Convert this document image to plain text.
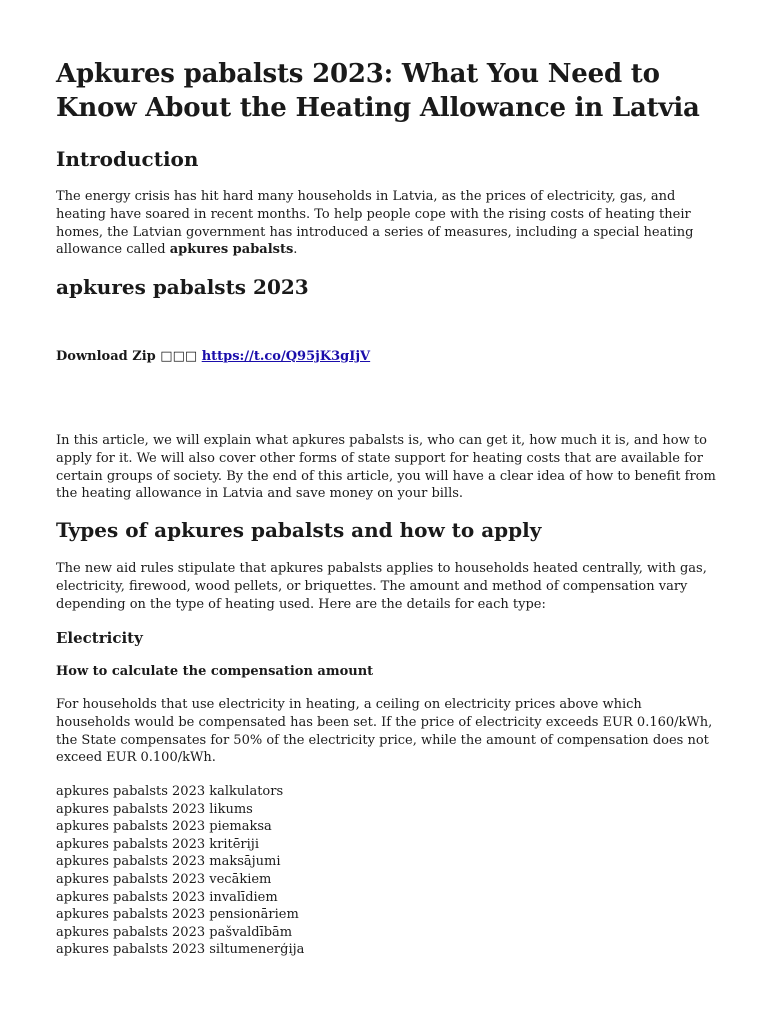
Apkures pabalsts 2023: What You Need to Know About the Heating Allowance in Latvia
Introduction

The energy crisis has hit hard many households in Latvia, as the prices of electricity, gas, and heating have soared in recent months. To help people cope with the rising costs of heating their homes, the Latvian government has introduced a series of measures, including a special heating allowance called apkures pabalsts.

apkures pabalsts 2023
Download Zip □□□ https://t.co/Q95jK3gIjV

In this article, we will explain what apkures pabalsts is, who can get it, how much it is, and how to apply for it. We will also cover other forms of state support for heating costs that are available for certain groups of society. By the end of this article, you will have a clear idea of how to benefit from the heating allowance in Latvia and save money on your bills.

Types of apkures pabalsts and how to apply

The new aid rules stipulate that apkures pabalsts applies to households heated centrally, with gas, electricity, firewood, wood pellets, or briquettes. The amount and method of compensation vary depending on the type of heating used. Here are the details for each type:

Electricity
How to calculate the compensation amount

For households that use electricity in heating, a ceiling on electricity prices above which households would be compensated has been set. If the price of electricity exceeds EUR 0.160/kWh, the State compensates for 50% of the electricity price, while the amount of compensation does not exceed EUR 0.100/kWh.

apkures pabalsts 2023 kalkulators
apkures pabalsts 2023 likums
apkures pabalsts 2023 piemaksa
apkures pabalsts 2023 kritēriji
apkures pabalsts 2023 maksājumi
apkures pabalsts 2023 vecākiem
apkures pabalsts 2023 invalīdiem
apkures pabalsts 2023 pensionāriem
apkures pabalsts 2023 pašvaldībām
apkures pabalsts 2023 siltumenerģija
